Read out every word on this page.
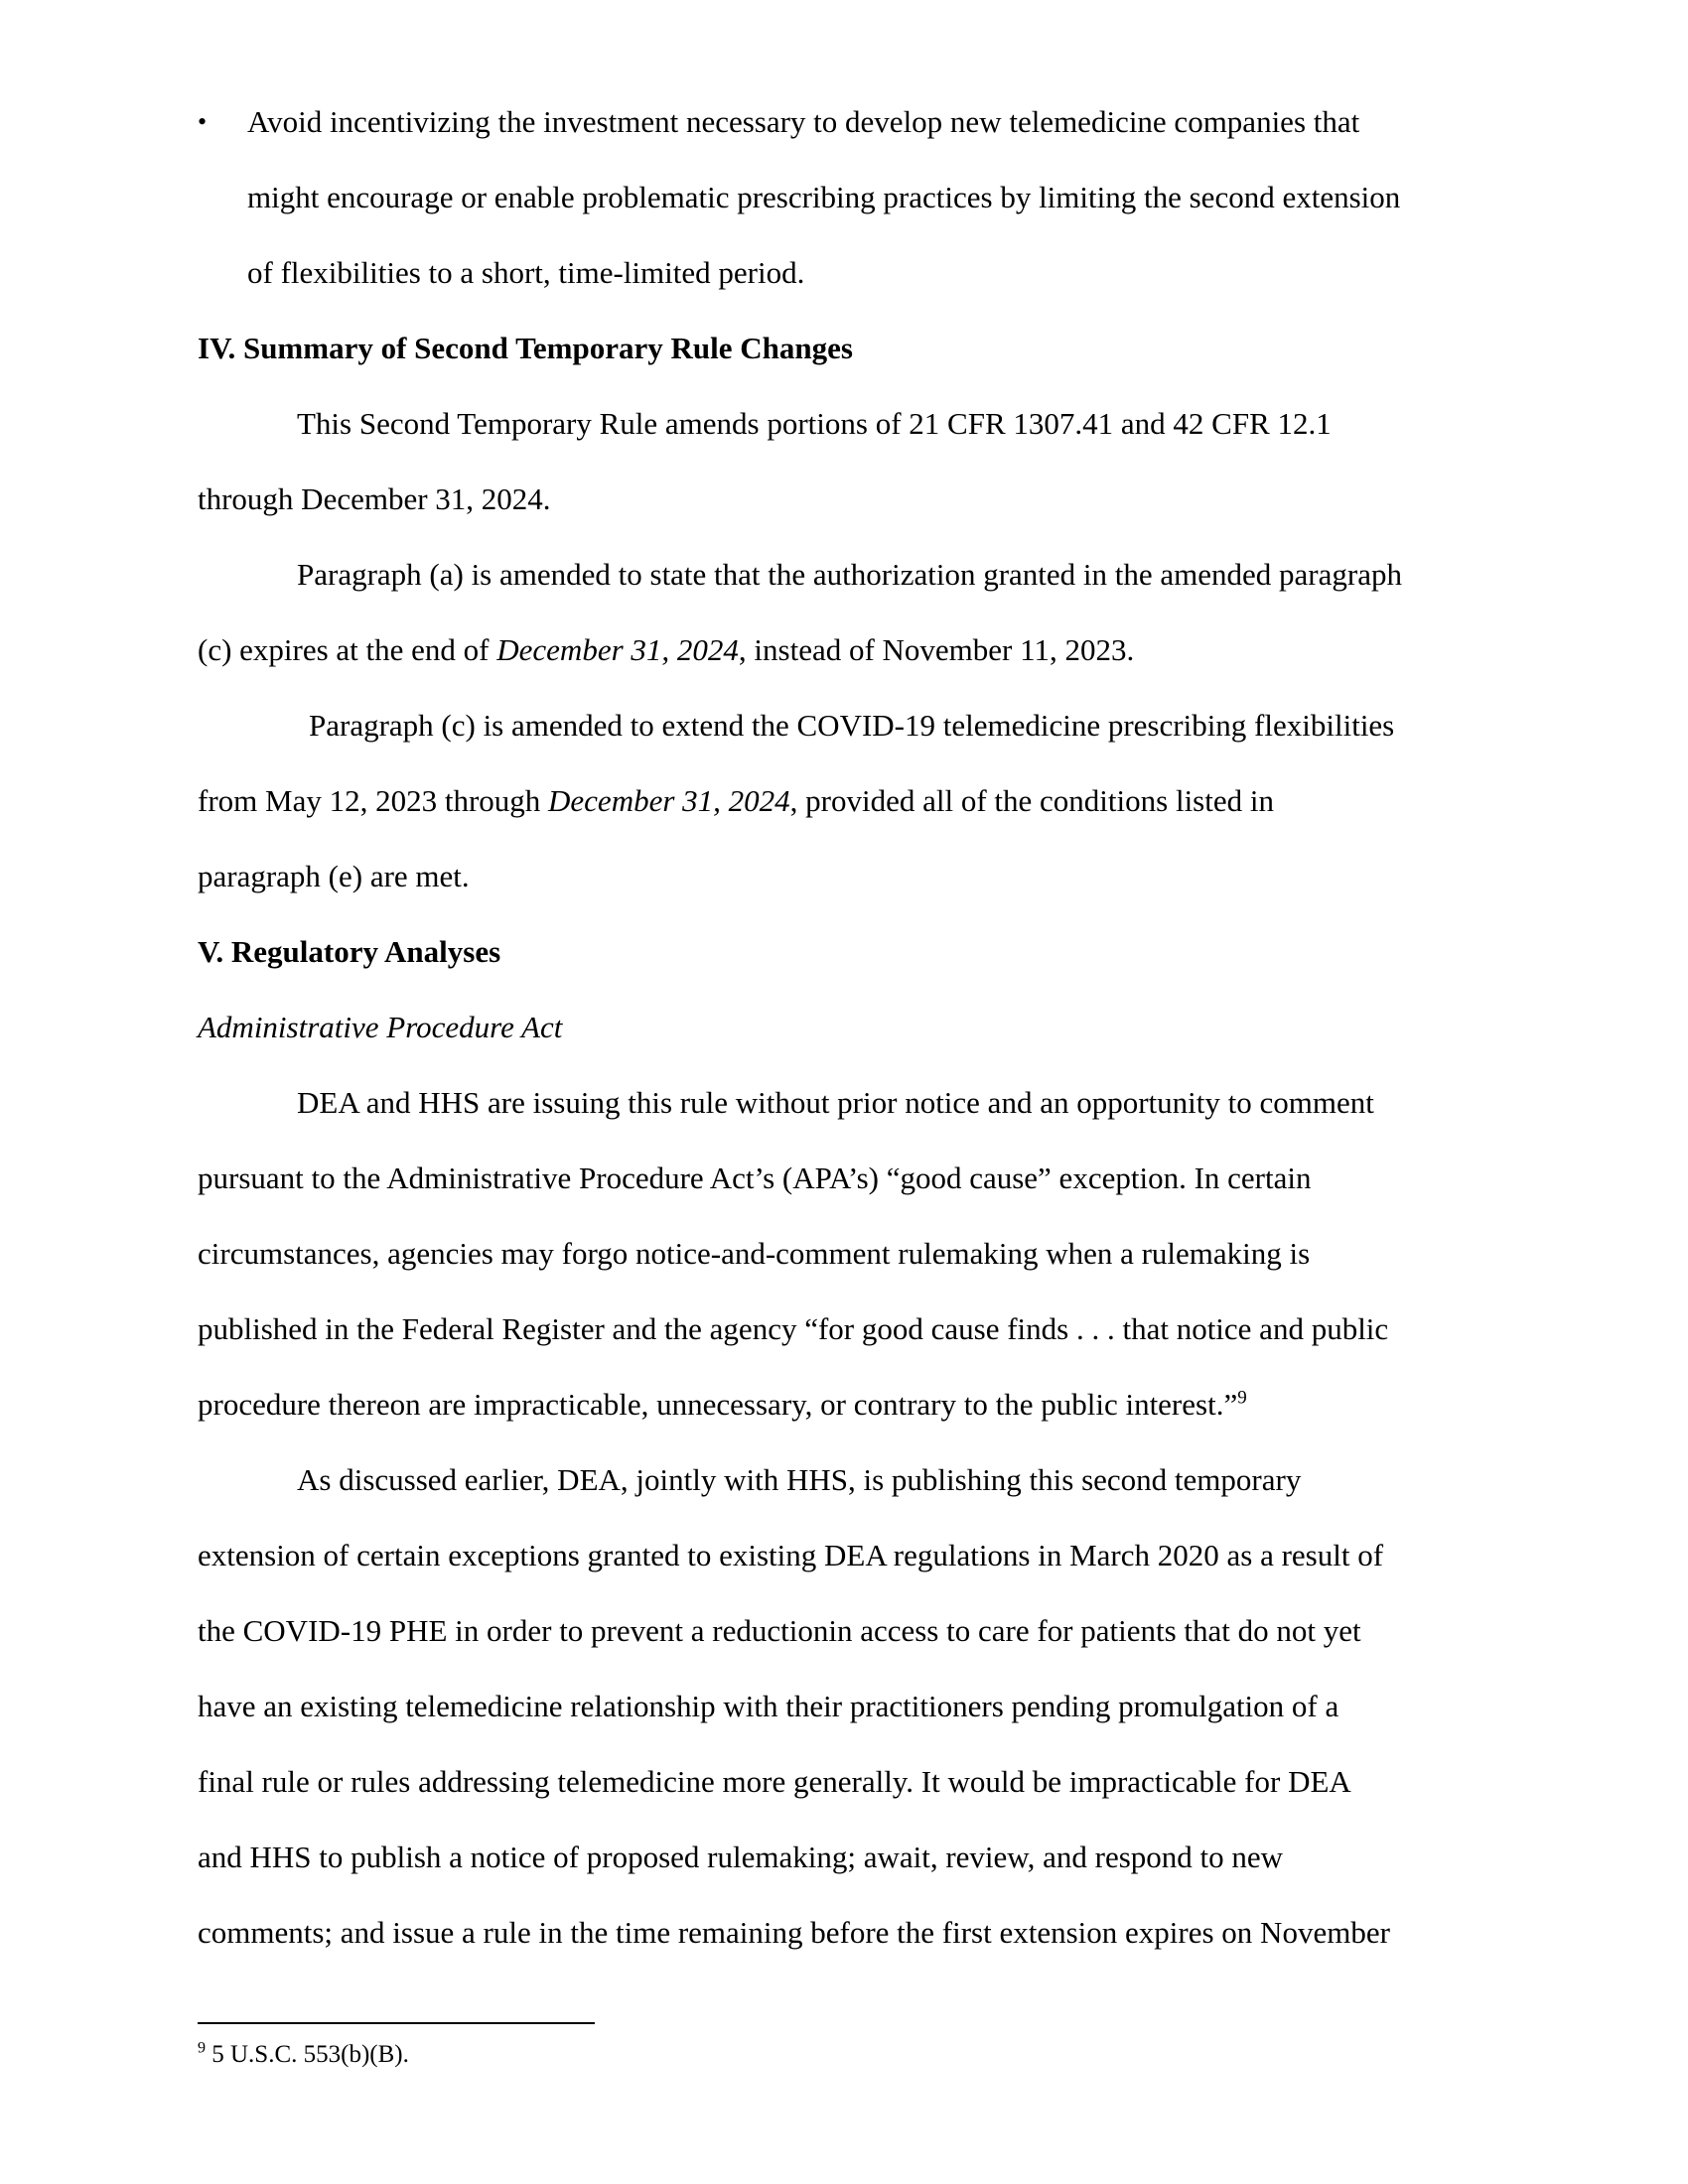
• Avoid incentivizing the investment necessary to develop new telemedicine companies that
might encourage or enable problematic prescribing practices by limiting the second extension
of flexibilities to a short, time-limited period.
IV. Summary of Second Temporary Rule Changes
This Second Temporary Rule amends portions of 21 CFR 1307.41 and 42 CFR 12.1
through December 31, 2024.
Paragraph (a) is amended to state that the authorization granted in the amended paragraph
(c) expires at the end of December 31, 2024, instead of November 11, 2023.
Paragraph (c) is amended to extend the COVID-19 telemedicine prescribing flexibilities
from May 12, 2023 through December 31, 2024, provided all of the conditions listed in
paragraph (e) are met.
V. Regulatory Analyses
Administrative Procedure Act
DEA and HHS are issuing this rule without prior notice and an opportunity to comment
pursuant to the Administrative Procedure Act’s (APA’s) “good cause” exception. In certain
circumstances, agencies may forgo notice-and-comment rulemaking when a rulemaking is
published in the Federal Register and the agency “for good cause finds . . . that notice and public
procedure thereon are impracticable, unnecessary, or contrary to the public interest.”$^9$
As discussed earlier, DEA, jointly with HHS, is publishing this second temporary
extension of certain exceptions granted to existing DEA regulations in March 2020 as a result of
the COVID-19 PHE in order to prevent a reductionin access to care for patients that do not yet
have an existing telemedicine relationship with their practitioners pending promulgation of a
final rule or rules addressing telemedicine more generally. It would be impracticable for DEA
and HHS to publish a notice of proposed rulemaking; await, review, and respond to new
comments; and issue a rule in the time remaining before the first extension expires on November
$^9$ 5 U.S.C. 553(b)(B).
